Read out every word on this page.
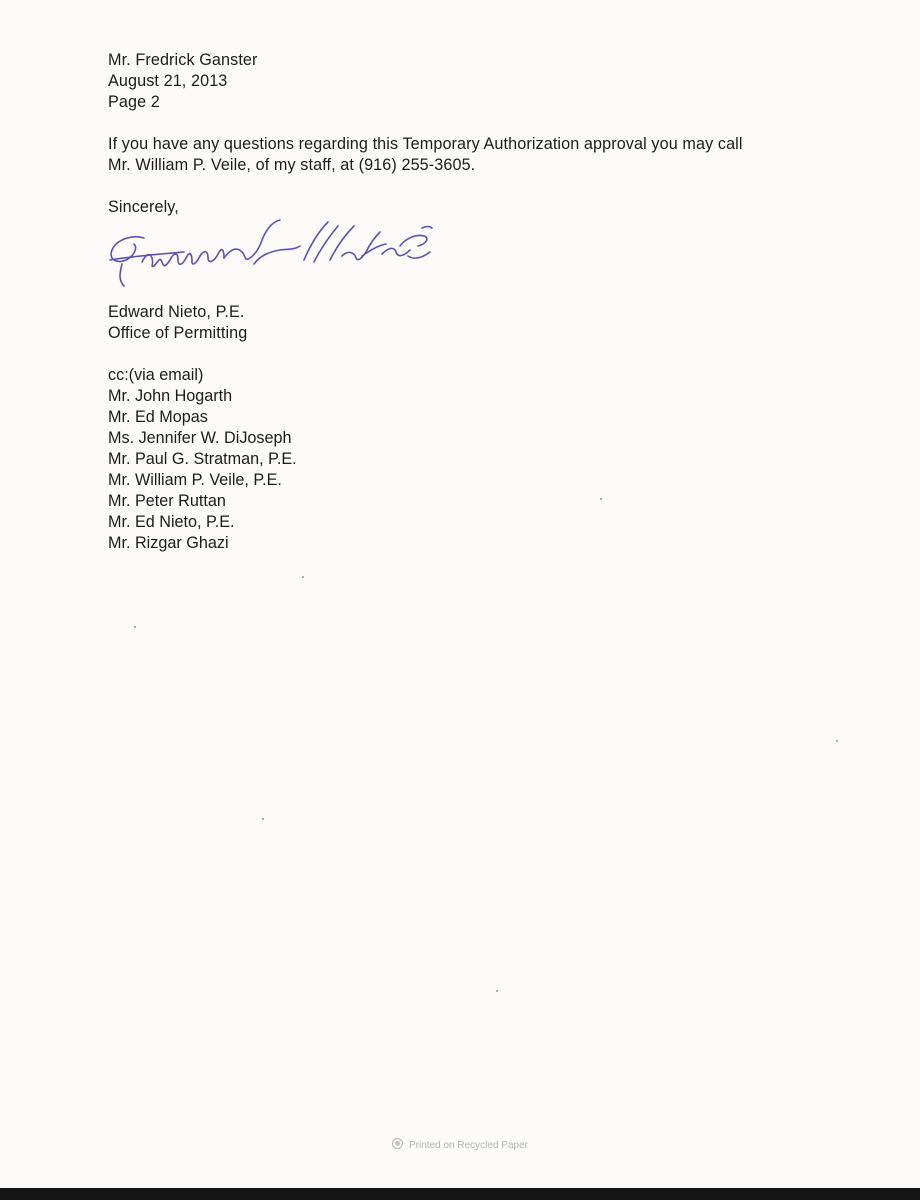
Mr. Fredrick Ganster
August 21, 2013
Page 2
If you have any questions regarding this Temporary Authorization approval you may call
Mr. William P. Veile, of my staff, at (916) 255-3605.
Sincerely,
Edward Nieto, P.E.
Office of Permitting
cc:(via email)
Mr. John Hogarth
Mr. Ed Mopas
Ms. Jennifer W. DiJoseph
Mr. Paul G. Stratman, P.E.
Mr. William P. Veile, P.E.
Mr. Peter Ruttan
Mr. Ed Nieto, P.E.
Mr. Rizgar Ghazi
Printed on Recycled Paper
